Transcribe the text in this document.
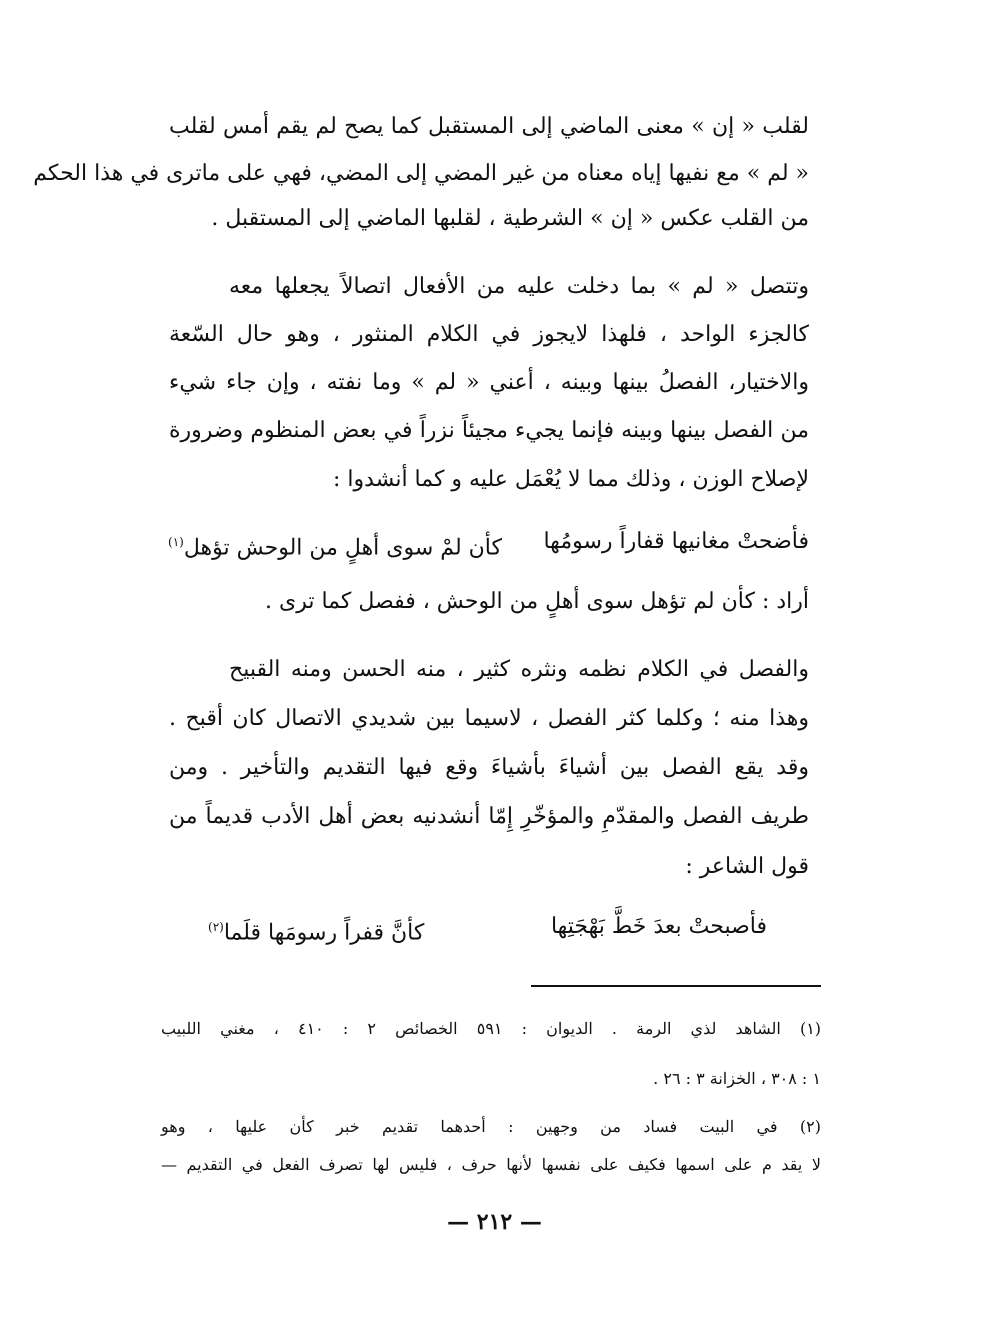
لقلب « إن » معنى الماضي إلى المستقبل كما يصح لم يقم أمس لقلب
« لم » مع نفيها إياه معناه من غير المضي إلى المضي، فهي على ماترى في هذا الحكم
من القلب عكس « إن » الشرطية ، لقلبها الماضي إلى المستقبل .
وتتصل « لم » بما دخلت عليه من الأفعال اتصالاً يجعلها معه
كالجزء الواحد ، فلهذا لايجوز في الكلام المنثور ، وهو حال السّعة
والاختيار، الفصلُ بينها وبينه ، أعني « لم » وما نفته ، وإن جاء شيء
من الفصل بينها وبينه فإنما يجيء مجيئاً نزراً في بعض المنظوم وضرورة
لإصلاح الوزن ، وذلك مما لا يُعْمَل عليه و كما أنشدوا :
فأضحتْ مغانيها قفاراً رسومُها
كأن لمْ سوى أهلٍ من الوحش تؤهل$^{(١)}$
أراد : كأن لم تؤهل سوى أهلٍ من الوحش ، ففصل كما ترى .
والفصل في الكلام نظمه ونثره كثير ، منه الحسن ومنه القبيح
وهذا منه ؛ وكلما كثر الفصل ، لاسيما بين شديدي الاتصال كان أقبح .
وقد يقع الفصل بين أشياءَ بأشياءَ وقع فيها التقديم والتأخير . ومن
طريف الفصل والمقدّمِ والمؤخّرِ إِمّا أنشدنيه بعض أهل الأدب قديماً من
قول الشاعر :
فأصبحتْ بعدَ خَطَّ بَهْجَتِها
كأنَّ قفراً رسومَها قلَما$^{(٢)}$
(١) الشاهد لذي الرمة . الديوان : ٥٩١ الخصائص ٢ : ٤١٠ ، مغني اللبيب
١ : ٣٠٨ ، الخزانة ٣ : ٢٦ .
(٢) في البيت فساد من وجهين : أحدهما تقديم خبر كأن عليها ، وهو
لا يقد م على اسمها فكيف على نفسها لأنها حرف ، فليس لها تصرف الفعل في التقديم —
— ٢١٢ —
